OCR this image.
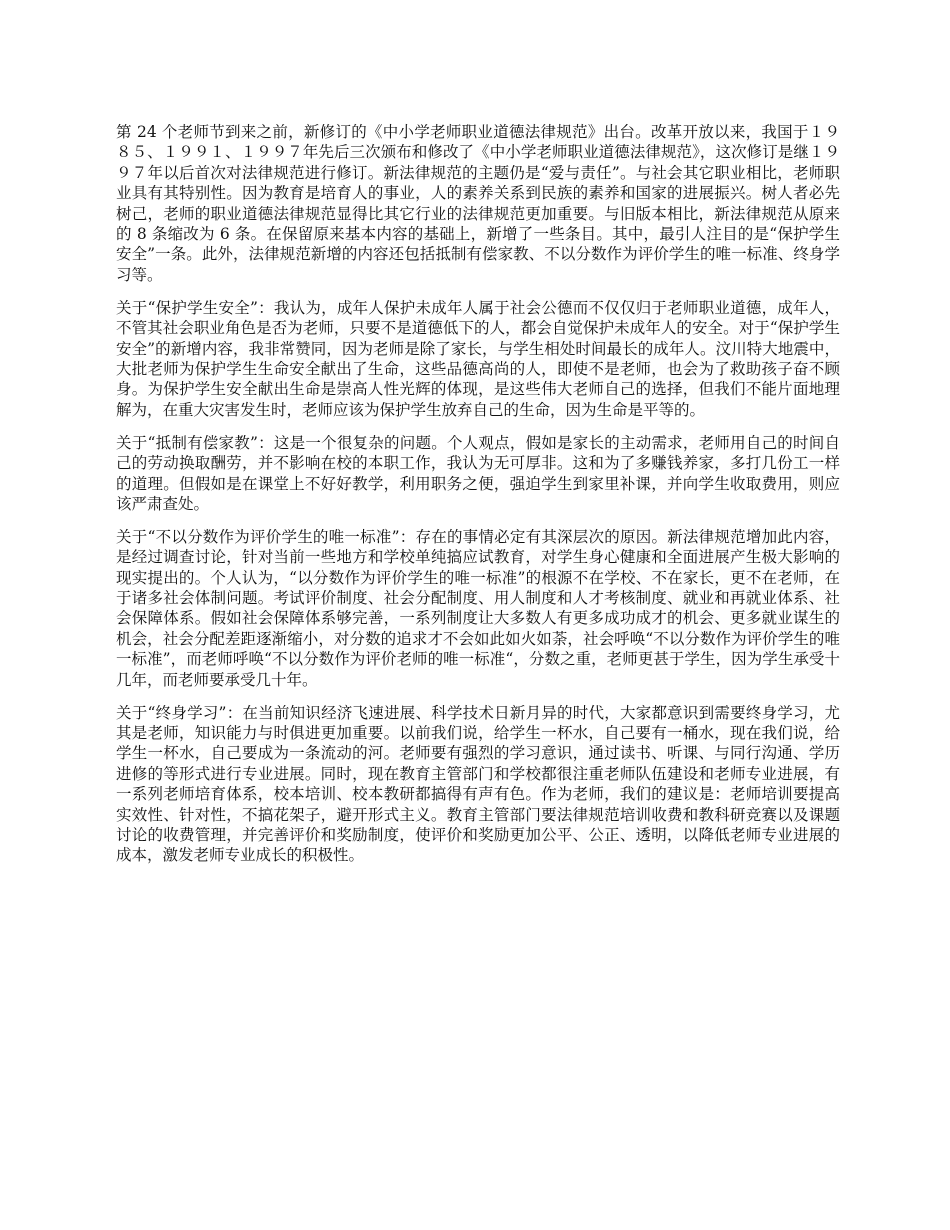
第 24 个老师节到来之前，新修订的《中小学老师职业道德法律规范》出台。改革开放以来，我国于１９８５、１９９１、１９９７年先后三次颁布和修改了《中小学老师职业道德法律规范》，这次修订是继１９９７年以后首次对法律规范进行修订。新法律规范的主题仍是“爱与责任”。与社会其它职业相比，老师职业具有其特别性。因为教育是培育人的事业，人的素养关系到民族的素养和国家的进展振兴。树人者必先树己，老师的职业道德法律规范显得比其它行业的法律规范更加重要。与旧版本相比，新法律规范从原来的 8 条缩改为 6 条。在保留原来基本内容的基础上，新增了一些条目。其中，最引人注目的是“保护学生安全”一条。此外，法律规范新增的内容还包括抵制有偿家教、不以分数作为评价学生的唯一标准、终身学习等。

关于“保护学生安全”：我认为，成年人保护未成年人属于社会公德而不仅仅归于老师职业道德，成年人，不管其社会职业角色是否为老师，只要不是道德低下的人，都会自觉保护未成年人的安全。对于“保护学生安全”的新增内容，我非常赞同，因为老师是除了家长，与学生相处时间最长的成年人。汶川特大地震中，大批老师为保护学生生命安全献出了生命，这些品德高尚的人，即使不是老师，也会为了救助孩子奋不顾身。为保护学生安全献出生命是崇高人性光辉的体现，是这些伟大老师自己的选择，但我们不能片面地理解为，在重大灾害发生时，老师应该为保护学生放弃自己的生命，因为生命是平等的。

关于“抵制有偿家教”：这是一个很复杂的问题。个人观点，假如是家长的主动需求，老师用自己的时间自己的劳动换取酬劳，并不影响在校的本职工作，我认为无可厚非。这和为了多赚钱养家，多打几份工一样的道理。但假如是在课堂上不好好教学，利用职务之便，强迫学生到家里补课，并向学生收取费用，则应该严肃查处。

关于“不以分数作为评价学生的唯一标准”：存在的事情必定有其深层次的原因。新法律规范增加此内容，是经过调查讨论，针对当前一些地方和学校单纯搞应试教育，对学生身心健康和全面进展产生极大影响的现实提出的。个人认为，“以分数作为评价学生的唯一标准”的根源不在学校、不在家长，更不在老师，在于诸多社会体制问题。考试评价制度、社会分配制度、用人制度和人才考核制度、就业和再就业体系、社会保障体系。假如社会保障体系够完善，一系列制度让大多数人有更多成功成才的机会、更多就业谋生的机会，社会分配差距逐渐缩小，对分数的追求才不会如此如火如荼，社会呼唤“不以分数作为评价学生的唯一标准”，而老师呼唤“不以分数作为评价老师的唯一标准“，分数之重，老师更甚于学生，因为学生承受十几年，而老师要承受几十年。

关于“终身学习”：在当前知识经济飞速进展、科学技术日新月异的时代，大家都意识到需要终身学习，尤其是老师，知识能力与时俱进更加重要。以前我们说，给学生一杯水，自己要有一桶水，现在我们说，给学生一杯水，自己要成为一条流动的河。老师要有强烈的学习意识，通过读书、听课、与同行沟通、学历进修的等形式进行专业进展。同时，现在教育主管部门和学校都很注重老师队伍建设和老师专业进展，有一系列老师培育体系，校本培训、校本教研都搞得有声有色。作为老师，我们的建议是：老师培训要提高实效性、针对性，不搞花架子，避开形式主义。教育主管部门要法律规范培训收费和教科研竞赛以及课题讨论的收费管理，并完善评价和奖励制度，使评价和奖励更加公平、公正、透明，以降低老师专业进展的成本，激发老师专业成长的积极性。
